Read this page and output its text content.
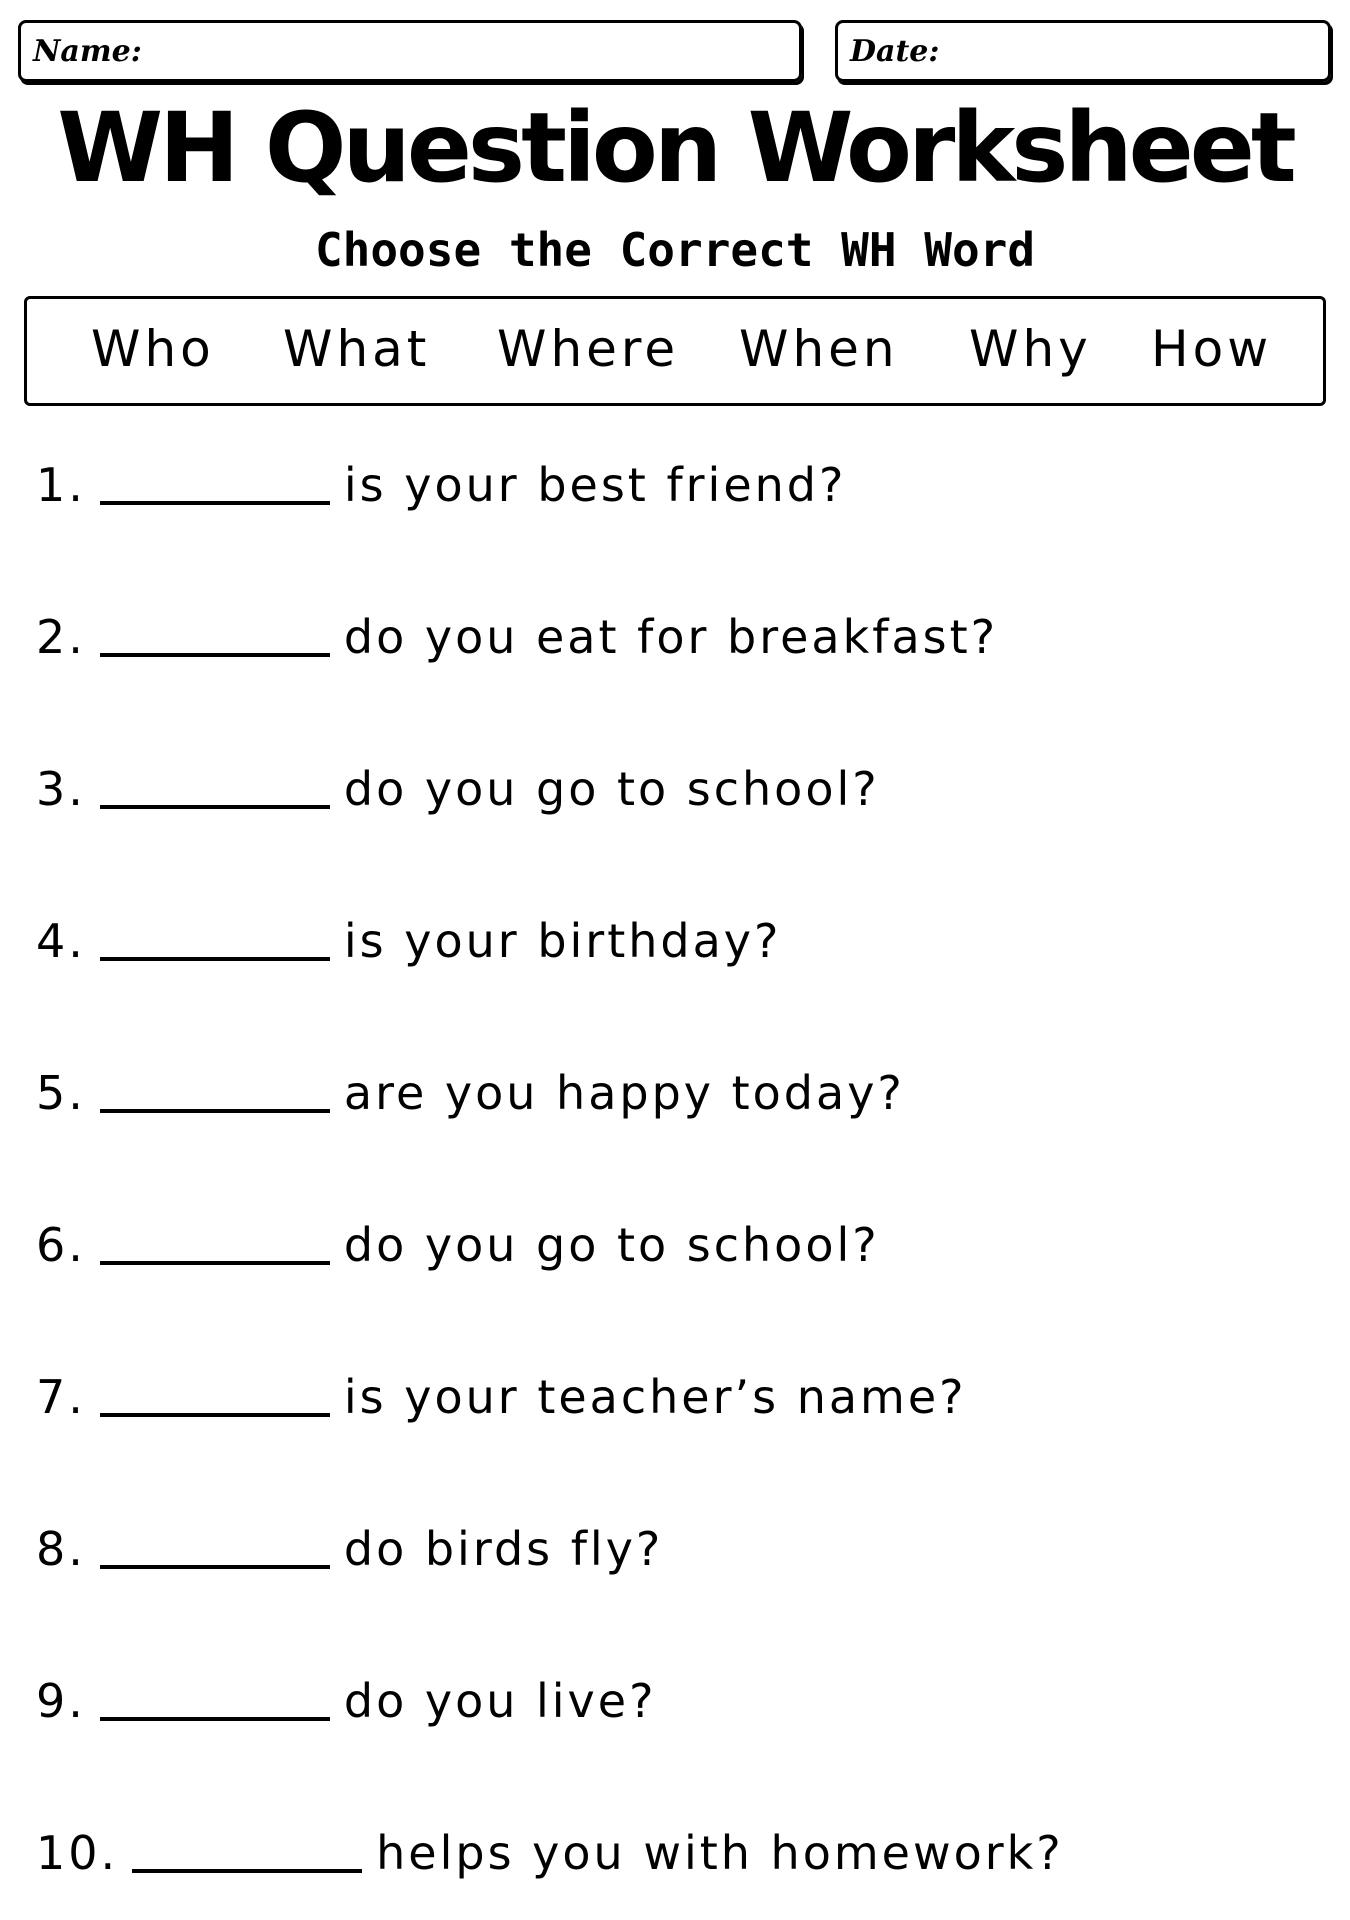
Name:	Date:
WH Question Worksheet
Choose the Correct WH Word
Who What Where When Why How
1.	is your best friend?
2.	do you eat for breakfast?
3.	do you go to school?
4.	is your birthday?
5.	are you happy today?
6.	do you go to school?
7.	is your teacher’s name?
8.	do birds fly?
9.	do you live?
10.	helps you with homework?
